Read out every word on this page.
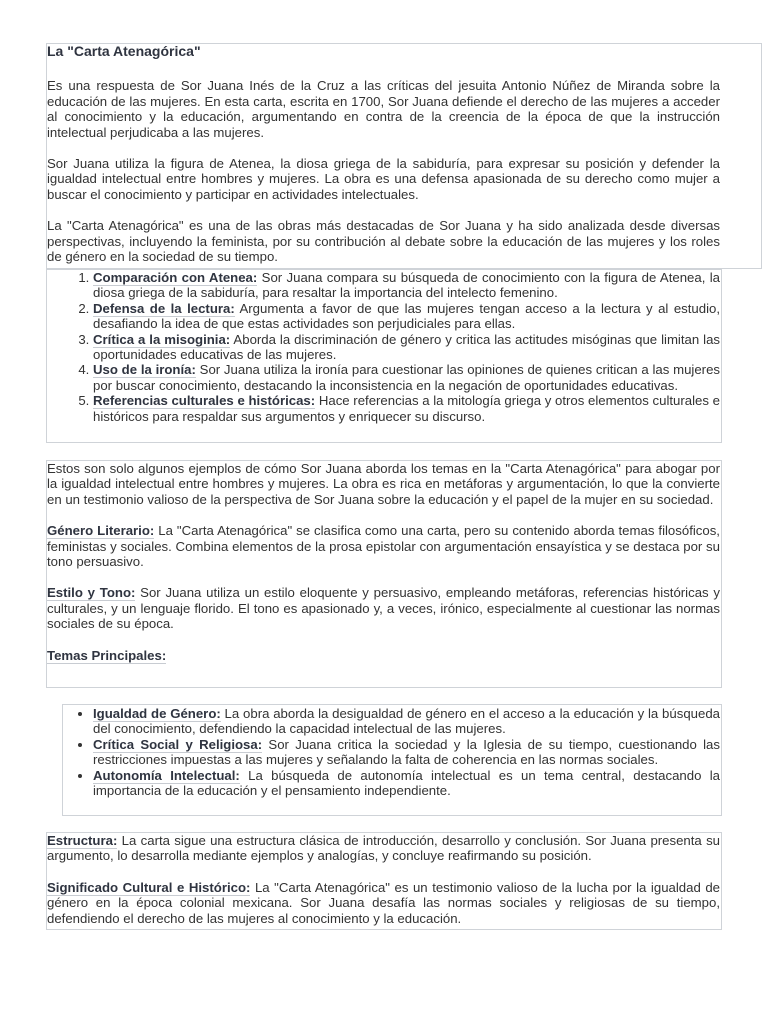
La "Carta Atenagórica"

Es una respuesta de Sor Juana Inés de la Cruz a las críticas del jesuita Antonio Núñez de Miranda sobre la educación de las mujeres. En esta carta, escrita en 1700, Sor Juana defiende el derecho de las mujeres a acceder al conocimiento y la educación, argumentando en contra de la creencia de la época de que la instrucción intelectual perjudicaba a las mujeres.

Sor Juana utiliza la figura de Atenea, la diosa griega de la sabiduría, para expresar su posición y defender la igualdad intelectual entre hombres y mujeres. La obra es una defensa apasionada de su derecho como mujer a buscar el conocimiento y participar en actividades intelectuales.

La "Carta Atenagórica" es una de las obras más destacadas de Sor Juana y ha sido analizada desde diversas perspectivas, incluyendo la feminista, por su contribución al debate sobre la educación de las mujeres y los roles de género en la sociedad de su tiempo.

1. Comparación con Atenea: Sor Juana compara su búsqueda de conocimiento con la figura de Atenea, la diosa griega de la sabiduría, para resaltar la importancia del intelecto femenino.
2. Defensa de la lectura: Argumenta a favor de que las mujeres tengan acceso a la lectura y al estudio, desafiando la idea de que estas actividades son perjudiciales para ellas.
3. Crítica a la misoginia: Aborda la discriminación de género y critica las actitudes misóginas que limitan las oportunidades educativas de las mujeres.
4. Uso de la ironía: Sor Juana utiliza la ironía para cuestionar las opiniones de quienes critican a las mujeres por buscar conocimiento, destacando la inconsistencia en la negación de oportunidades educativas.
5. Referencias culturales e históricas: Hace referencias a la mitología griega y otros elementos culturales e históricos para respaldar sus argumentos y enriquecer su discurso.

Estos son solo algunos ejemplos de cómo Sor Juana aborda los temas en la "Carta Atenagórica" para abogar por la igualdad intelectual entre hombres y mujeres. La obra es rica en metáforas y argumentación, lo que la convierte en un testimonio valioso de la perspectiva de Sor Juana sobre la educación y el papel de la mujer en su sociedad.

Género Literario: La "Carta Atenagórica" se clasifica como una carta, pero su contenido aborda temas filosóficos, feministas y sociales. Combina elementos de la prosa epistolar con argumentación ensayística y se destaca por su tono persuasivo.

Estilo y Tono: Sor Juana utiliza un estilo eloquente y persuasivo, empleando metáforas, referencias históricas y culturales, y un lenguaje florido. El tono es apasionado y, a veces, irónico, especialmente al cuestionar las normas sociales de su época.

Temas Principales:

• Igualdad de Género: La obra aborda la desigualdad de género en el acceso a la educación y la búsqueda del conocimiento, defendiendo la capacidad intelectual de las mujeres.
• Crítica Social y Religiosa: Sor Juana critica la sociedad y la Iglesia de su tiempo, cuestionando las restricciones impuestas a las mujeres y señalando la falta de coherencia en las normas sociales.
• Autonomía Intelectual: La búsqueda de autonomía intelectual es un tema central, destacando la importancia de la educación y el pensamiento independiente.

Estructura: La carta sigue una estructura clásica de introducción, desarrollo y conclusión. Sor Juana presenta su argumento, lo desarrolla mediante ejemplos y analogías, y concluye reafirmando su posición.

Significado Cultural e Histórico: La "Carta Atenagórica" es un testimonio valioso de la lucha por la igualdad de género en la época colonial mexicana. Sor Juana desafía las normas sociales y religiosas de su tiempo, defendiendo el derecho de las mujeres al conocimiento y la educación.
